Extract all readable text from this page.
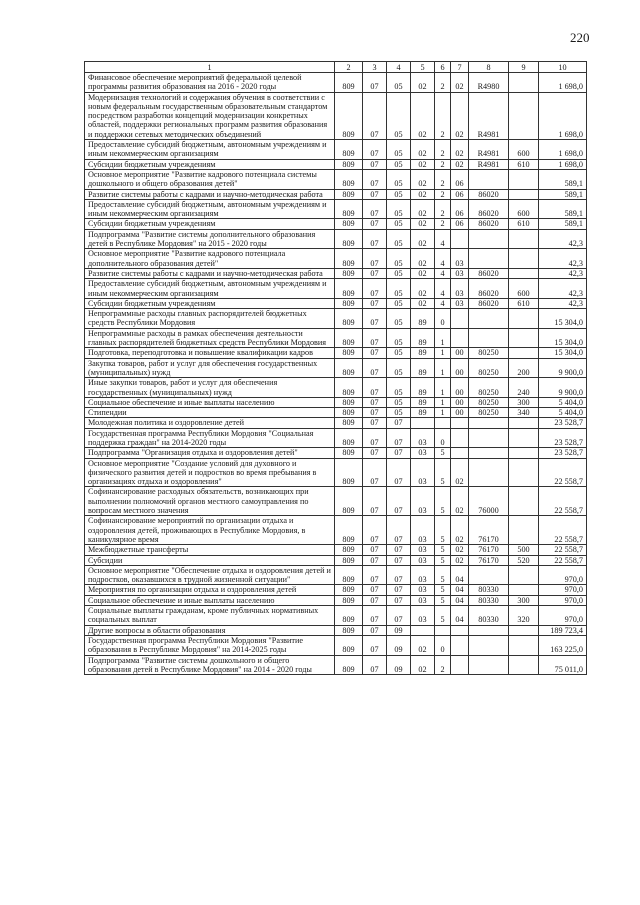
220
1	2	3	4	5	6	7	8	9	10
Финансовое обеспечение мероприятий федеральной целевой программы развития образования на 2016 - 2020 годы	809	07	05	02	2	02	R4980		1 698,0
Модернизация технологий и содержания обучения в соответствии с новым федеральным государственным образовательным стандартом посредством разработки концепций модернизации конкретных областей, поддержки региональных программ развития образования и поддержки сетевых методических объединений	809	07	05	02	2	02	R4981		1 698,0
Предоставление субсидий бюджетным, автономным учреждениям и иным некоммерческим организациям	809	07	05	02	2	02	R4981	600	1 698,0
Субсидии бюджетным учреждениям	809	07	05	02	2	02	R4981	610	1 698,0
Основное мероприятие "Развитие кадрового потенциала системы дошкольного и общего образования детей"	809	07	05	02	2	06			589,1
Развитие системы работы с кадрами и научно-методическая работа	809	07	05	02	2	06	86020		589,1
Предоставление субсидий бюджетным, автономным учреждениям и иным некоммерческим организациям	809	07	05	02	2	06	86020	600	589,1
Субсидии бюджетным учреждениям	809	07	05	02	2	06	86020	610	589,1
Подпрограмма "Развитие системы дополнительного образования детей в Республике Мордовия" на 2015 - 2020 годы	809	07	05	02	4				42,3
Основное мероприятие "Развитие кадрового потенциала дополнительного образования детей"	809	07	05	02	4	03			42,3
Развитие системы работы с кадрами и научно-методическая работа	809	07	05	02	4	03	86020		42,3
Предоставление субсидий бюджетным, автономным учреждениям и иным некоммерческим организациям	809	07	05	02	4	03	86020	600	42,3
Субсидии бюджетным учреждениям	809	07	05	02	4	03	86020	610	42,3
Непрограммные расходы главных распорядителей бюджетных средств Республики Мордовия	809	07	05	89	0				15 304,0
Непрограммные расходы в рамках обеспечения деятельности главных распорядителей бюджетных средств Республики Мордовия	809	07	05	89	1				15 304,0
Подготовка, переподготовка и повышение квалификации кадров	809	07	05	89	1	00	80250		15 304,0
Закупка товаров, работ и услуг для обеспечения государственных (муниципальных) нужд	809	07	05	89	1	00	80250	200	9 900,0
Иные закупки товаров, работ и услуг для обеспечения государственных (муниципальных) нужд	809	07	05	89	1	00	80250	240	9 900,0
Социальное обеспечение и иные выплаты населению	809	07	05	89	1	00	80250	300	5 404,0
Стипендии	809	07	05	89	1	00	80250	340	5 404,0
Молодежная политика и оздоровление детей	809	07	07						23 528,7
Государственная программа Республики Мордовия "Социальная поддержка граждан" на 2014-2020 годы	809	07	07	03	0				23 528,7
Подпрограмма "Организация отдыха и оздоровления детей"	809	07	07	03	5				23 528,7
Основное мероприятие "Создание условий для духовного и физического развития детей и подростков во время пребывания в организациях отдыха и оздоровления"	809	07	07	03	5	02			22 558,7
Софинансирование расходных обязательств, возникающих при выполнении полномочий органов местного самоуправления по вопросам местного значения	809	07	07	03	5	02	76000		22 558,7
Софинансирование мероприятий по организации отдыха и оздоровления детей, проживающих в Республике Мордовия, в каникулярное время	809	07	07	03	5	02	76170		22 558,7
Межбюджетные трансферты	809	07	07	03	5	02	76170	500	22 558,7
Субсидии	809	07	07	03	5	02	76170	520	22 558,7
Основное мероприятие "Обеспечение отдыха и оздоровления детей и подростков, оказавшихся в трудной жизненной ситуации"	809	07	07	03	5	04			970,0
Мероприятия по организации отдыха и оздоровления детей	809	07	07	03	5	04	80330		970,0
Социальное обеспечение и иные выплаты населению	809	07	07	03	5	04	80330	300	970,0
Социальные выплаты гражданам, кроме публичных нормативных социальных выплат	809	07	07	03	5	04	80330	320	970,0
Другие вопросы в области образования	809	07	09						189 723,4
Государственная программа Республики Мордовия "Развитие образования в Республике Мордовия" на 2014-2025 годы	809	07	09	02	0				163 225,0
Подпрограмма "Развитие системы дошкольного и общего образования детей в Республике Мордовия" на 2014 - 2020 годы	809	07	09	02	2				75 011,0
